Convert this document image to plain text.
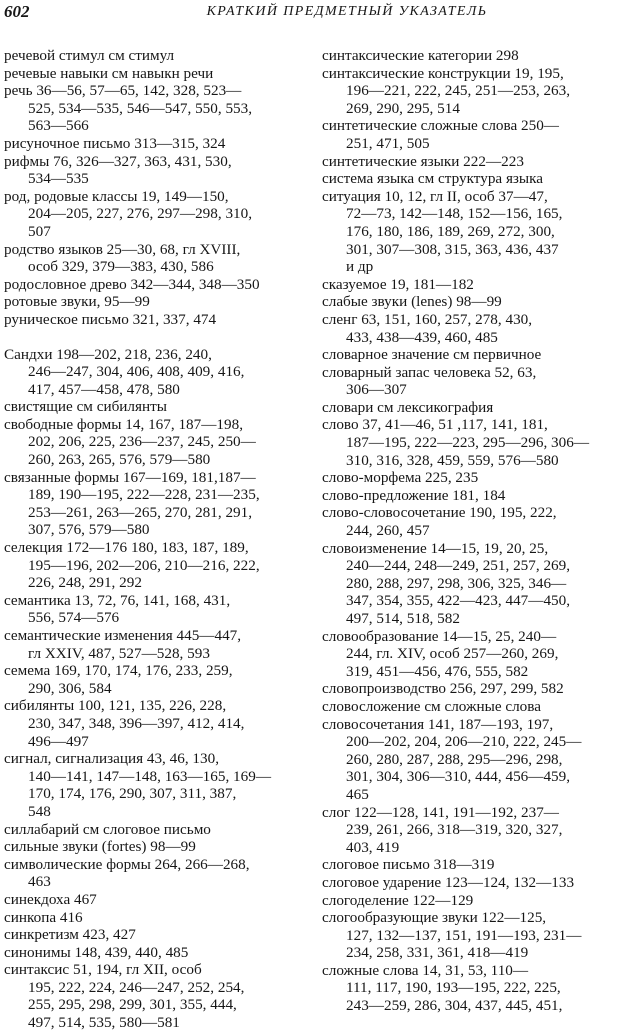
602	КРАТКИЙ ПРЕДМЕТНЫЙ УКАЗАТЕЛЬ
речевой стимул см стимул
речевые навыки см навыкн речи
речь 36—56, 57—65, 142, 328, 523—
525, 534—535, 546—547, 550, 553,
563—566
рисуночное письмо 313—315, 324
рифмы 76, 326—327, 363, 431, 530,
534—535
род, родовые классы 19, 149—150,
204—205, 227, 276, 297—298, 310,
507
родство языков 25—30, 68, гл XVIII,
особ 329, 379—383, 430, 586
родословное древо 342—344, 348—350
ротовые звуки, 95—99
руническое письмо 321, 337, 474
Сандхи 198—202, 218, 236, 240,
246—247, 304, 406, 408, 409, 416,
417, 457—458, 478, 580
свистящие см сибилянты
свободные формы 14, 167, 187—198,
202, 206, 225, 236—237, 245, 250—
260, 263, 265, 576, 579—580
связанные формы 167—169, 181,187—
189, 190—195, 222—228, 231—235,
253—261, 263—265, 270, 281, 291,
307, 576, 579—580
селекция 172—176 180, 183, 187, 189,
195—196, 202—206, 210—216, 222,
226, 248, 291, 292
семантика 13, 72, 76, 141, 168, 431,
556, 574—576
семантические изменения 445—447,
гл XXIV, 487, 527—528, 593
семема 169, 170, 174, 176, 233, 259,
290, 306, 584
сибилянты 100, 121, 135, 226, 228,
230, 347, 348, 396—397, 412, 414,
496—497
сигнал, сигнализация 43, 46, 130,
140—141, 147—148, 163—165, 169—
170, 174, 176, 290, 307, 311, 387,
548
силлабарий см слоговое письмо
сильные звуки (fortes) 98—99
символические формы 264, 266—268,
463
синекдоха 467
синкопа 416
синкретизм 423, 427
синонимы 148, 439, 440, 485
синтаксис 51, 194, гл XII, особ
195, 222, 224, 246—247, 252, 254,
255, 295, 298, 299, 301, 355, 444,
497, 514, 535, 580—581
синтаксические категории 298
синтаксические конструкции 19, 195,
196—221, 222, 245, 251—253, 263,
269, 290, 295, 514
синтетические сложные слова 250—
251, 471, 505
синтетические языки 222—223
система языка см структура языка
ситуация 10, 12, гл II, особ 37—47,
72—73, 142—148, 152—156, 165,
176, 180, 186, 189, 269, 272, 300,
301, 307—308, 315, 363, 436, 437
и др
сказуемое 19, 181—182
слабые звуки (lenes) 98—99
сленг 63, 151, 160, 257, 278, 430,
433, 438—439, 460, 485
словарное значение см первичное
словарный запас человека 52, 63,
306—307
словари см лексикография
слово 37, 41—46, 51 ,117, 141, 181,
187—195, 222—223, 295—296, 306—
310, 316, 328, 459, 559, 576—580
слово-морфема 225, 235
слово-предложение 181, 184
слово-словосочетание 190, 195, 222,
244, 260, 457
словоизменение 14—15, 19, 20, 25,
240—244, 248—249, 251, 257, 269,
280, 288, 297, 298, 306, 325, 346—
347, 354, 355, 422—423, 447—450,
497, 514, 518, 582
словообразование 14—15, 25, 240—
244, гл. XIV, особ 257—260, 269,
319, 451—456, 476, 555, 582
словопроизводство 256, 297, 299, 582
словосложение см сложные слова
словосочетания 141, 187—193, 197,
200—202, 204, 206—210, 222, 245—
260, 280, 287, 288, 295—296, 298,
301, 304, 306—310, 444, 456—459,
465
слог 122—128, 141, 191—192, 237—
239, 261, 266, 318—319, 320, 327,
403, 419
слоговое письмо 318—319
слоговое ударение 123—124, 132—133
слогоделение 122—129
слогообразующие звуки 122—125,
127, 132—137, 151, 191—193, 231—
234, 258, 331, 361, 418—419
сложные слова 14, 31, 53, 110—
111, 117, 190, 193—195, 222, 225,
243—259, 286, 304, 437, 445, 451,
